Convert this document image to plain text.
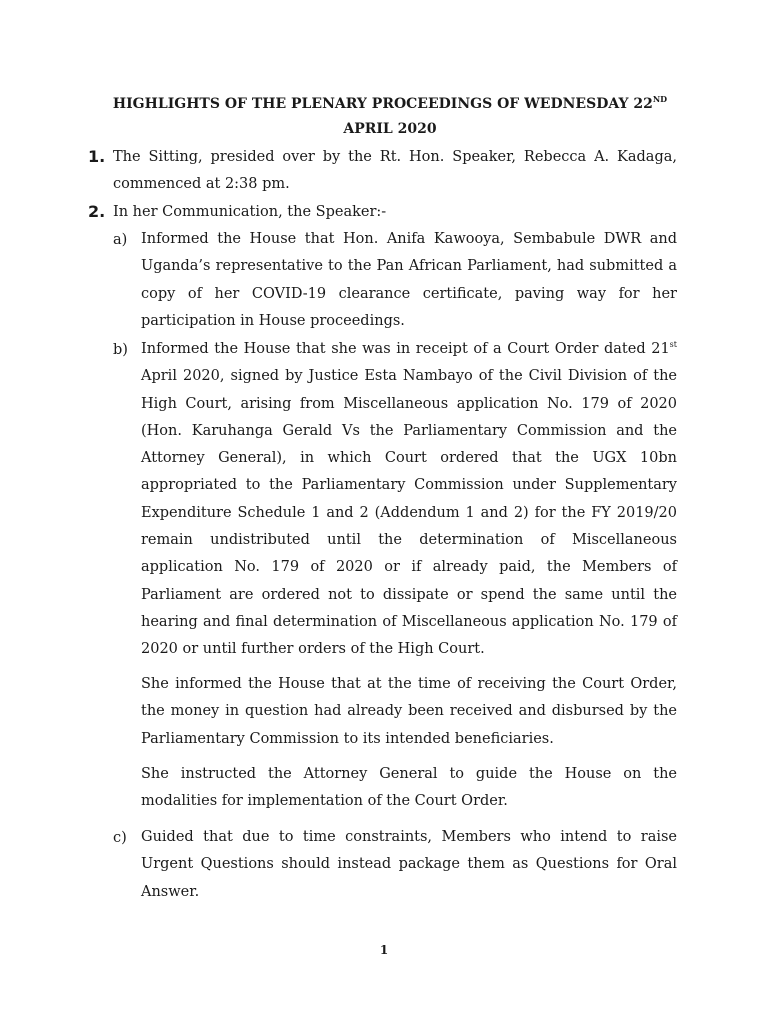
HIGHLIGHTS OF THE PLENARY PROCEEDINGS OF WEDNESDAY 22ND
APRIL 2020
1. The Sitting, presided over by the Rt. Hon. Speaker, Rebecca A. Kadaga,
commenced at 2:38 pm.
2. In her Communication, the Speaker:-
a) Informed the House that Hon. Anifa Kawooya, Sembabule DWR and
Uganda’s representative to the Pan African Parliament, had submitted a
copy of her COVID-19 clearance certificate, paving way for her
participation in House proceedings.
b) Informed the House that she was in receipt of a Court Order dated 21st
April 2020, signed by Justice Esta Nambayo of the Civil Division of the
High Court, arising from Miscellaneous application No. 179 of 2020
(Hon. Karuhanga Gerald Vs the Parliamentary Commission and the
Attorney General), in which Court ordered that the UGX 10bn
appropriated to the Parliamentary Commission under Supplementary
Expenditure Schedule 1 and 2 (Addendum 1 and 2) for the FY 2019/20
remain undistributed until the determination of Miscellaneous
application No. 179 of 2020 or if already paid, the Members of
Parliament are ordered not to dissipate or spend the same until the
hearing and final determination of Miscellaneous application No. 179 of
2020 or until further orders of the High Court.
She informed the House that at the time of receiving the Court Order,
the money in question had already been received and disbursed by the
Parliamentary Commission to its intended beneficiaries.
She instructed the Attorney General to guide the House on the
modalities for implementation of the Court Order.
c) Guided that due to time constraints, Members who intend to raise
Urgent Questions should instead package them as Questions for Oral
Answer.
1
